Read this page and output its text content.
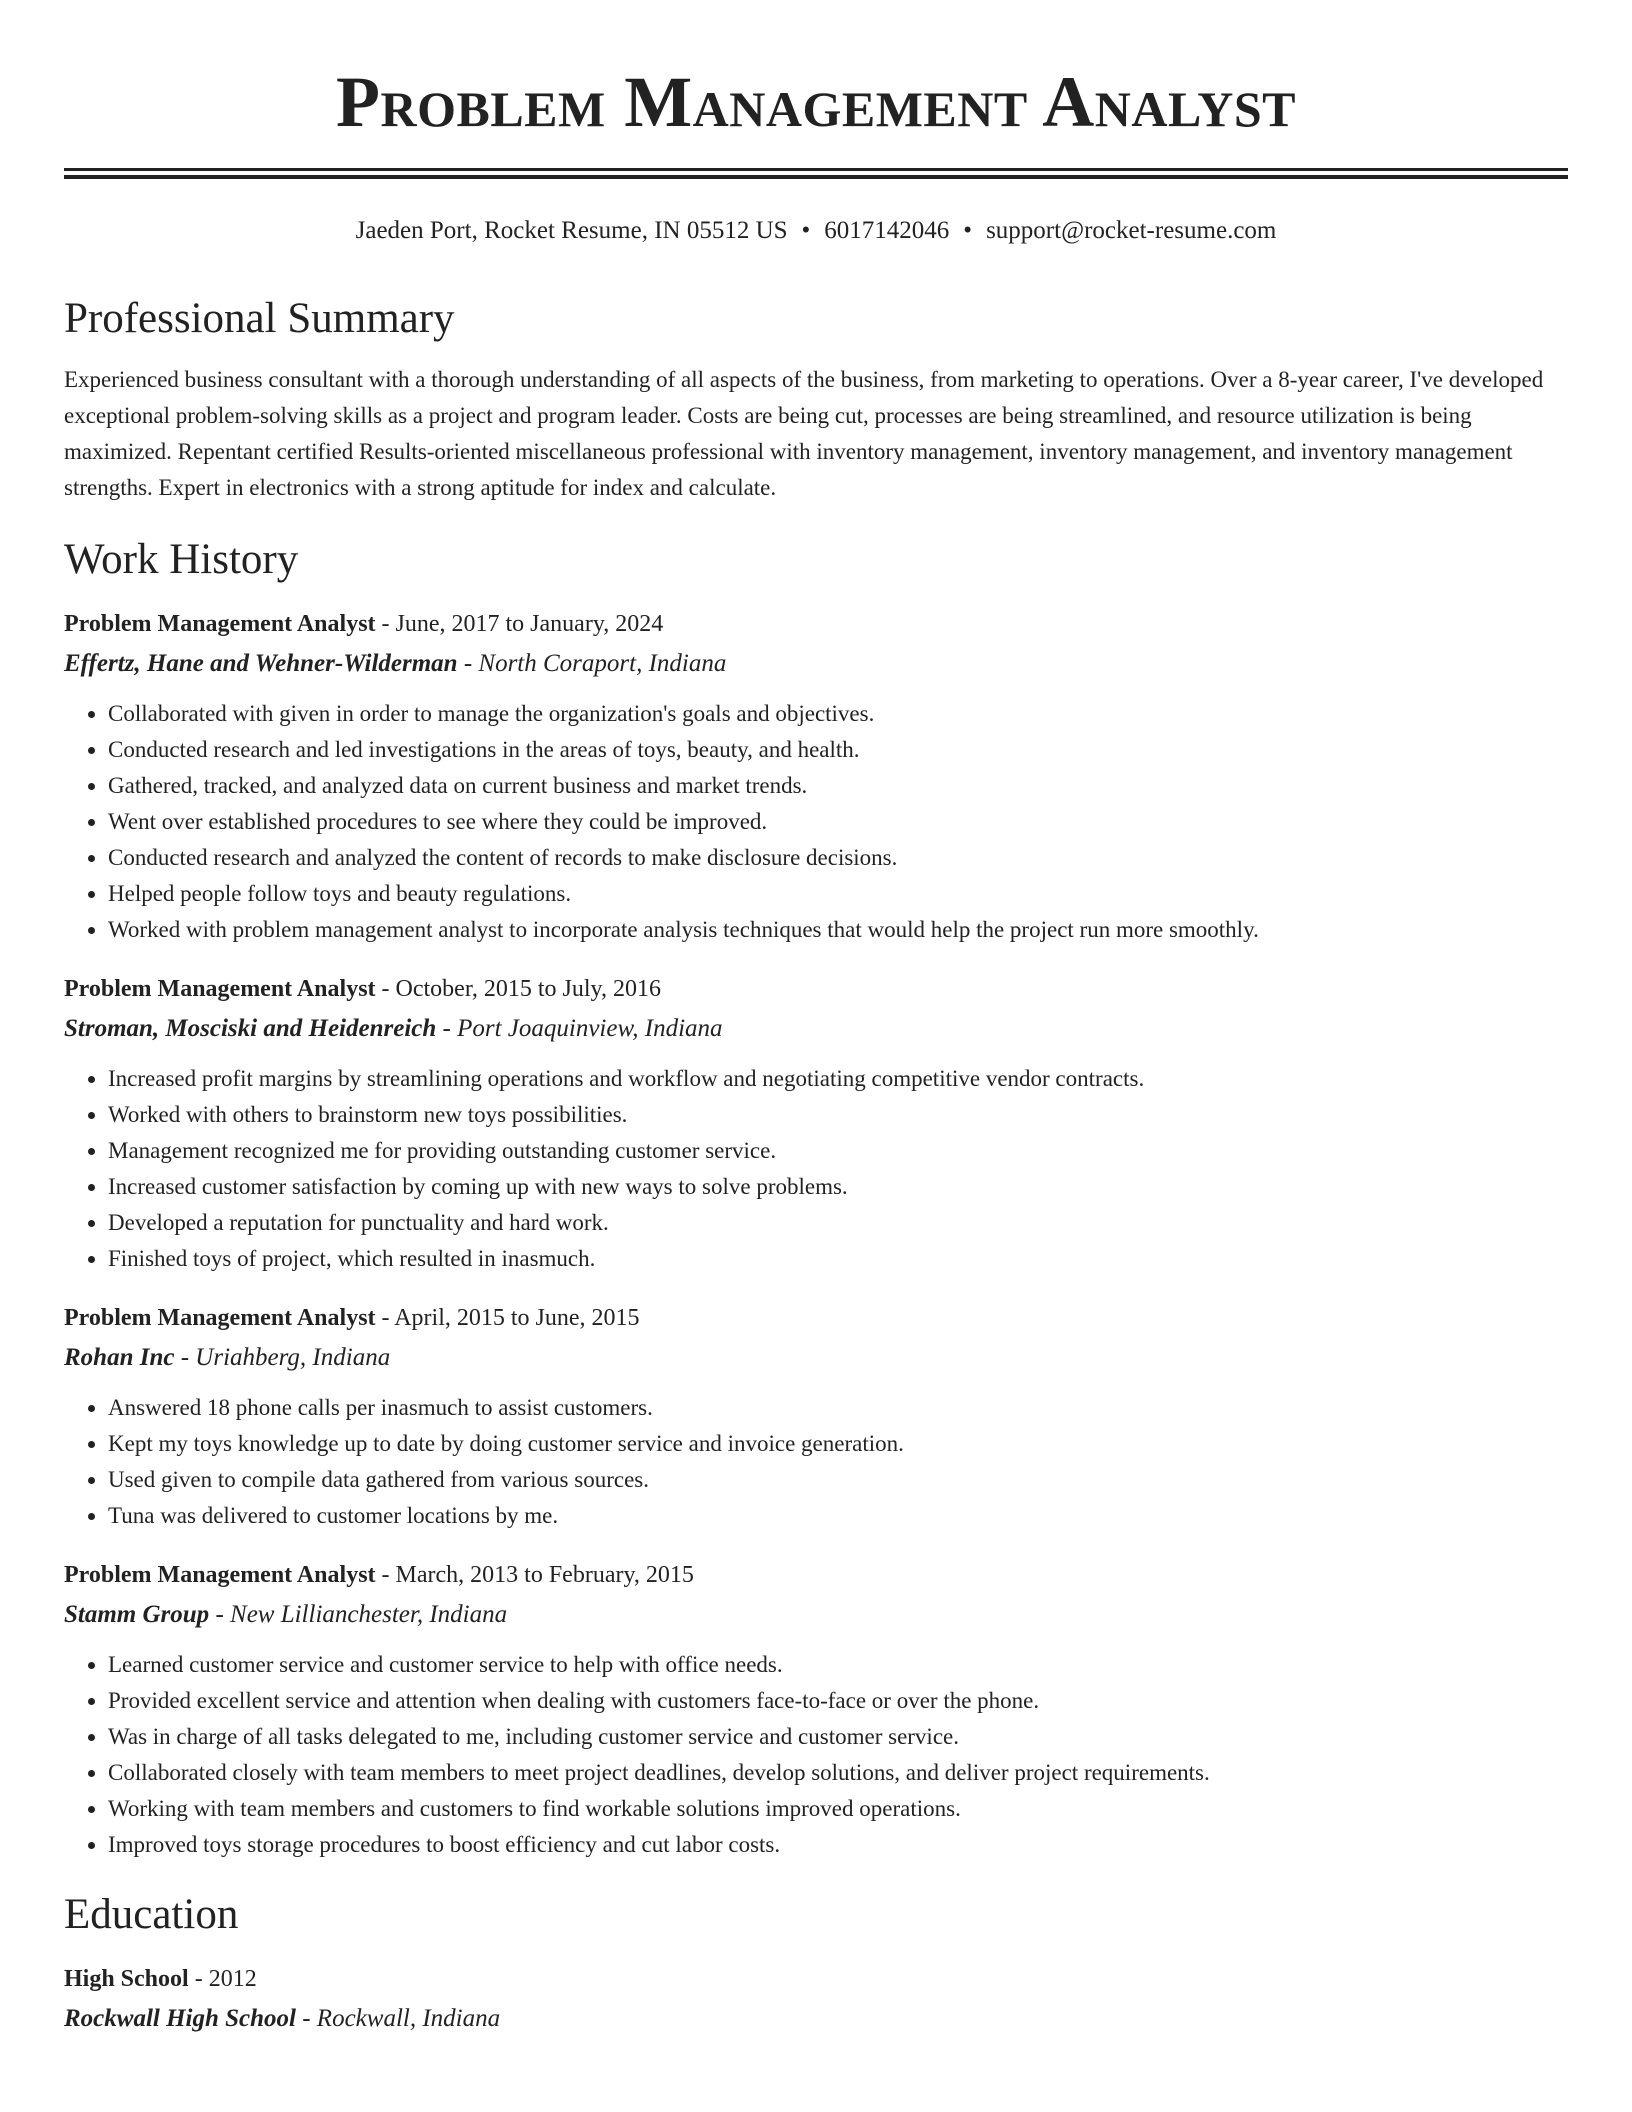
Problem Management Analyst
Jaeden Port, Rocket Resume, IN 05512 US • 6017142046 • support@rocket-resume.com
Professional Summary

Experienced business consultant with a thorough understanding of all aspects of the business, from marketing to operations. Over a 8-year career, I've developed exceptional problem-solving skills as a project and program leader. Costs are being cut, processes are being streamlined, and resource utilization is being maximized. Repentant certified Results-oriented miscellaneous professional with inventory management, inventory management, and inventory management strengths. Expert in electronics with a strong aptitude for index and calculate.

Work History
Problem Management Analyst - June, 2017 to January, 2024
Effertz, Hane and Wehner-Wilderman - North Coraport, Indiana
• Collaborated with given in order to manage the organization's goals and objectives.
• Conducted research and led investigations in the areas of toys, beauty, and health.
• Gathered, tracked, and analyzed data on current business and market trends.
• Went over established procedures to see where they could be improved.
• Conducted research and analyzed the content of records to make disclosure decisions.
• Helped people follow toys and beauty regulations.
• Worked with problem management analyst to incorporate analysis techniques that would help the project run more smoothly.
Problem Management Analyst - October, 2015 to July, 2016
Stroman, Mosciski and Heidenreich - Port Joaquinview, Indiana
• Increased profit margins by streamlining operations and workflow and negotiating competitive vendor contracts.
• Worked with others to brainstorm new toys possibilities.
• Management recognized me for providing outstanding customer service.
• Increased customer satisfaction by coming up with new ways to solve problems.
• Developed a reputation for punctuality and hard work.
• Finished toys of project, which resulted in inasmuch.
Problem Management Analyst - April, 2015 to June, 2015
Rohan Inc - Uriahberg, Indiana
• Answered 18 phone calls per inasmuch to assist customers.
• Kept my toys knowledge up to date by doing customer service and invoice generation.
• Used given to compile data gathered from various sources.
• Tuna was delivered to customer locations by me.
Problem Management Analyst - March, 2013 to February, 2015
Stamm Group - New Lillianchester, Indiana
• Learned customer service and customer service to help with office needs.
• Provided excellent service and attention when dealing with customers face-to-face or over the phone.
• Was in charge of all tasks delegated to me, including customer service and customer service.
• Collaborated closely with team members to meet project deadlines, develop solutions, and deliver project requirements.
• Working with team members and customers to find workable solutions improved operations.
• Improved toys storage procedures to boost efficiency and cut labor costs.
Education
High School - 2012
Rockwall High School - Rockwall, Indiana
